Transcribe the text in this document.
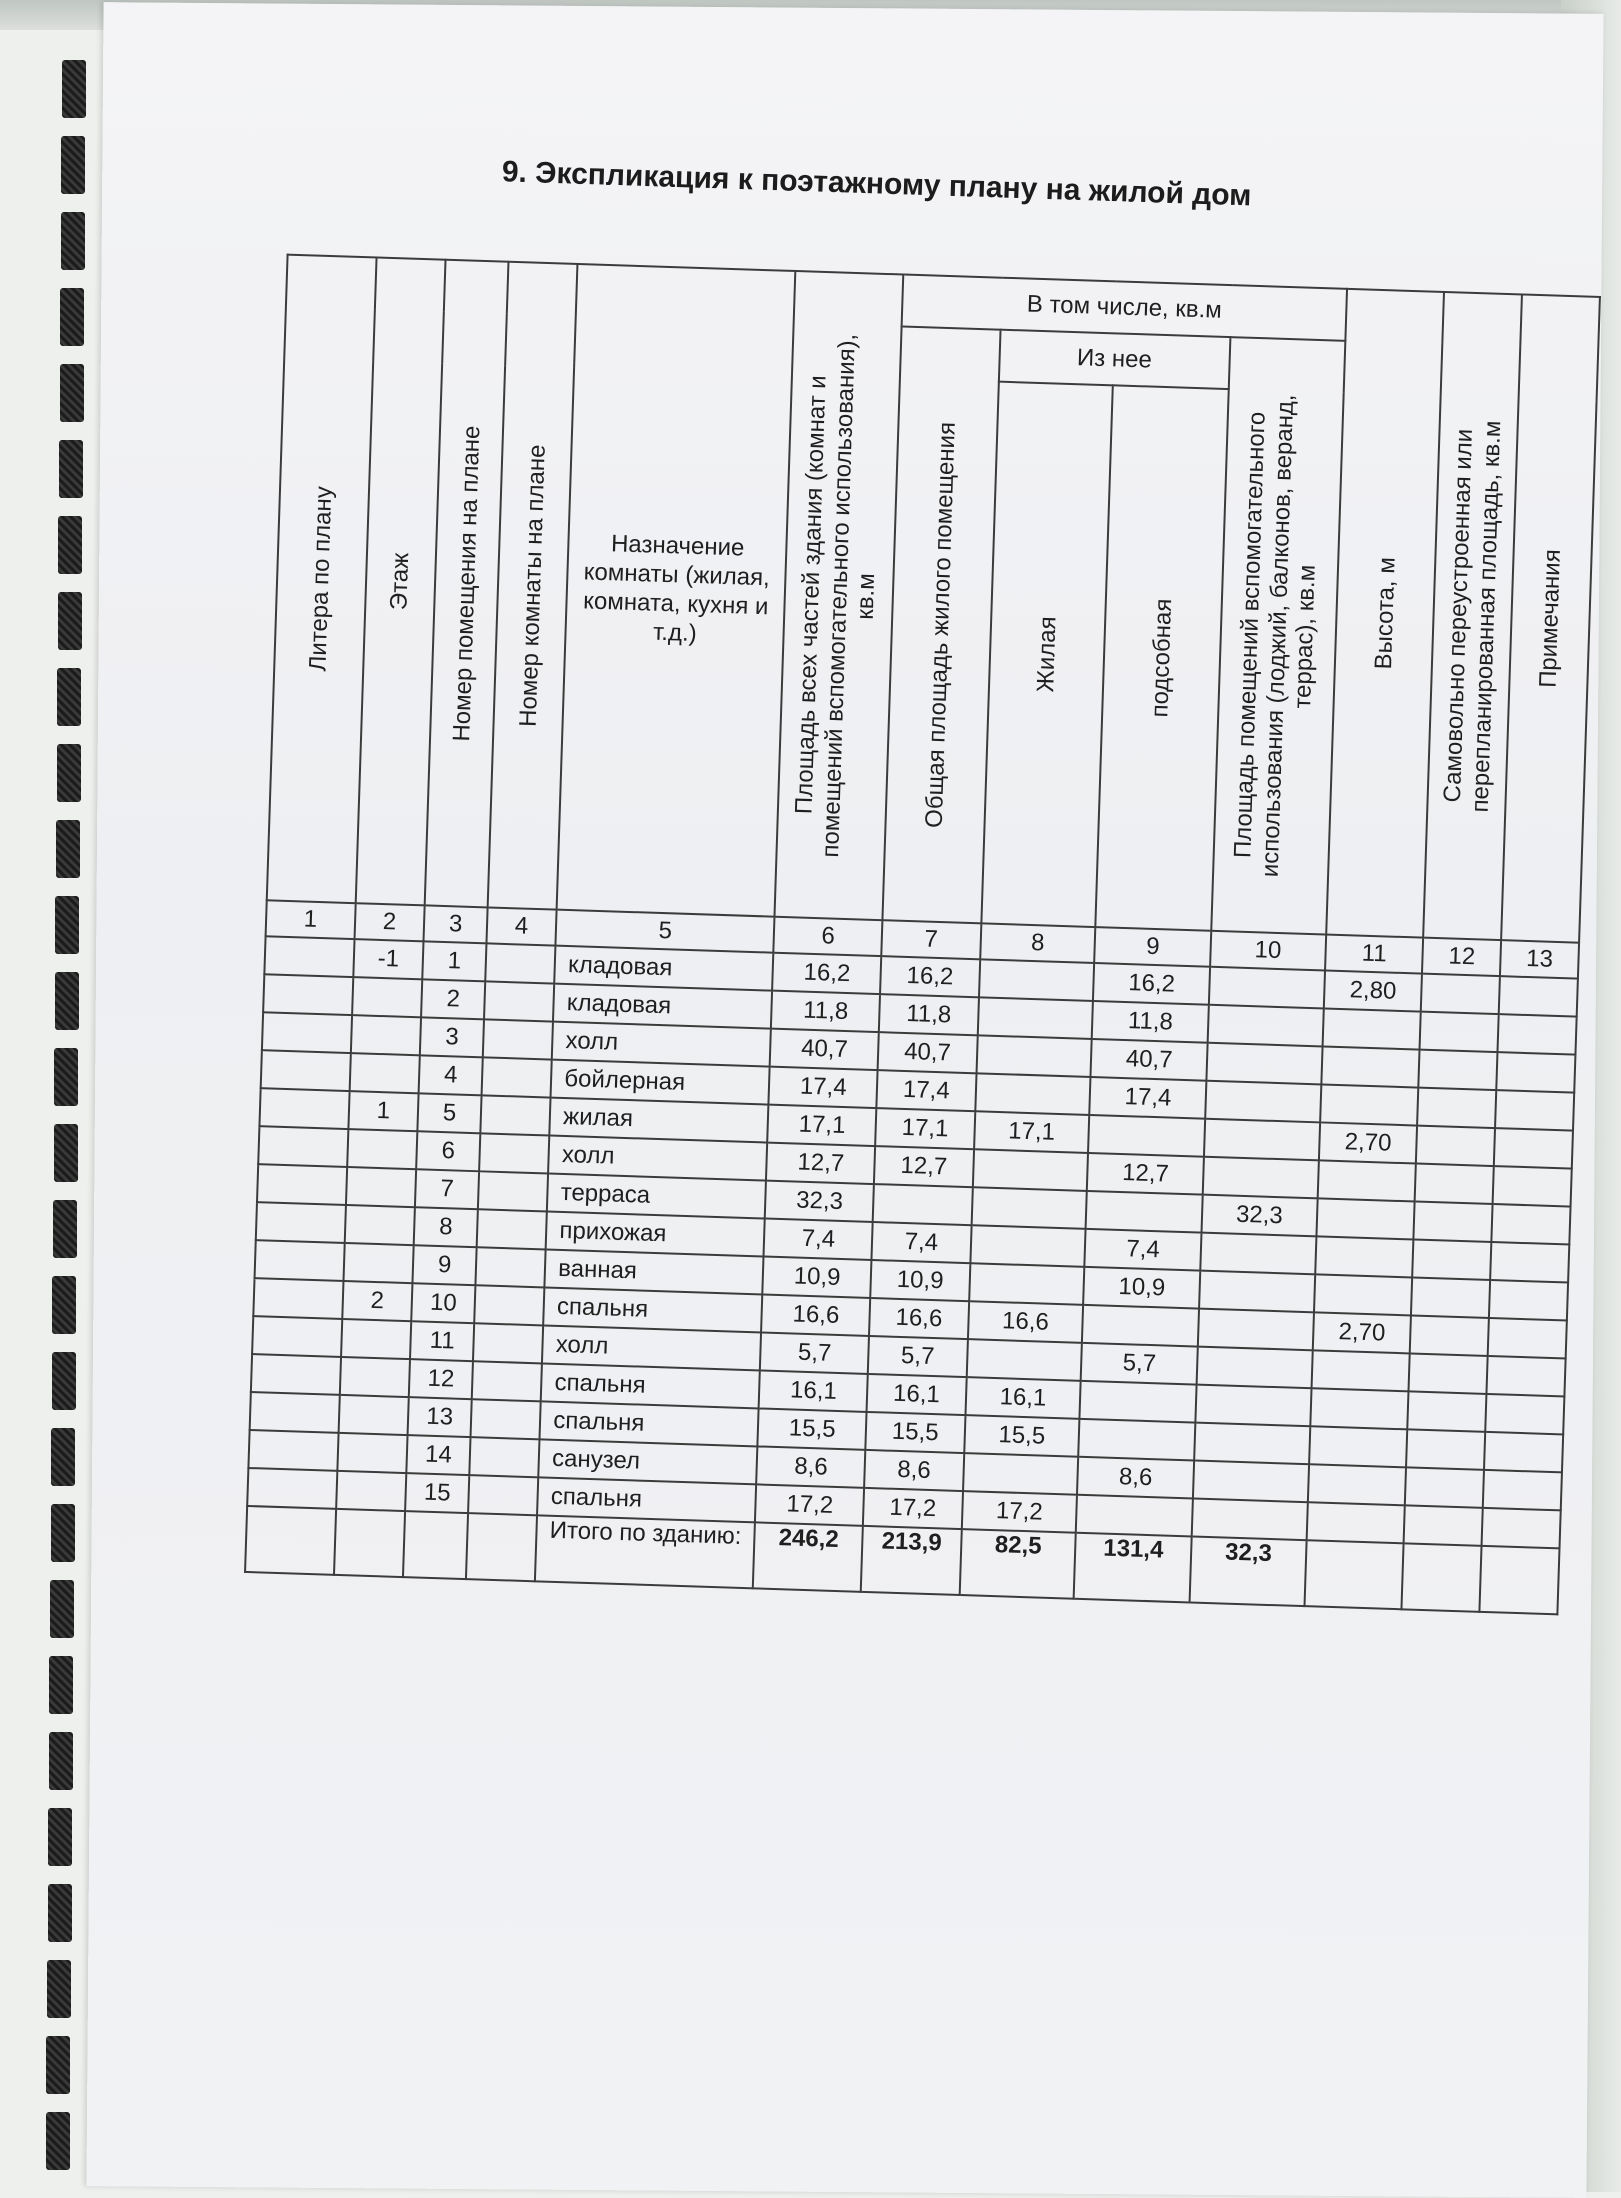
9. Экспликация к поэтажному плану на жилой дом
Литера по плану	Этаж	Номер помещения на плане	Номер комнаты на плане	Назначение комнаты (жилая, комната, кухня и т.д.)	Площадь всех частей здания (комнат и помещений вспомогательного использования), кв.м	В том числе, кв.м				Высота, м	Самовольно переустроенная или перепланированная площадь, кв.м	Примечания

						Общая площадь жилого помещения	Из нее		Площадь помещений вспомогательного использования (лоджий, балконов, веранд, террас), кв.м			

							Жилая	подсобная				

1	2	3	4	5	6	7	8	9	10	11	12	13
	-1	1		кладовая	16,2	16,2		16,2		2,80		
		2		кладовая	11,8	11,8		11,8				
		3		холл	40,7	40,7		40,7				
		4		бойлерная	17,4	17,4		17,4				
	1	5		жилая	17,1	17,1	17,1			2,70		
		6		холл	12,7	12,7		12,7				
		7		терраса	32,3				32,3			
		8		прихожая	7,4	7,4		7,4				
		9		ванная	10,9	10,9		10,9				
	2	10		спальня	16,6	16,6	16,6			2,70		
		11		холл	5,7	5,7		5,7				
		12		спальня	16,1	16,1	16,1					
		13		спальня	15,5	15,5	15,5					
		14		санузел	8,6	8,6		8,6				
		15		спальня	17,2	17,2	17,2					
				Итого по зданию:	246,2	213,9	82,5	131,4	32,3			
